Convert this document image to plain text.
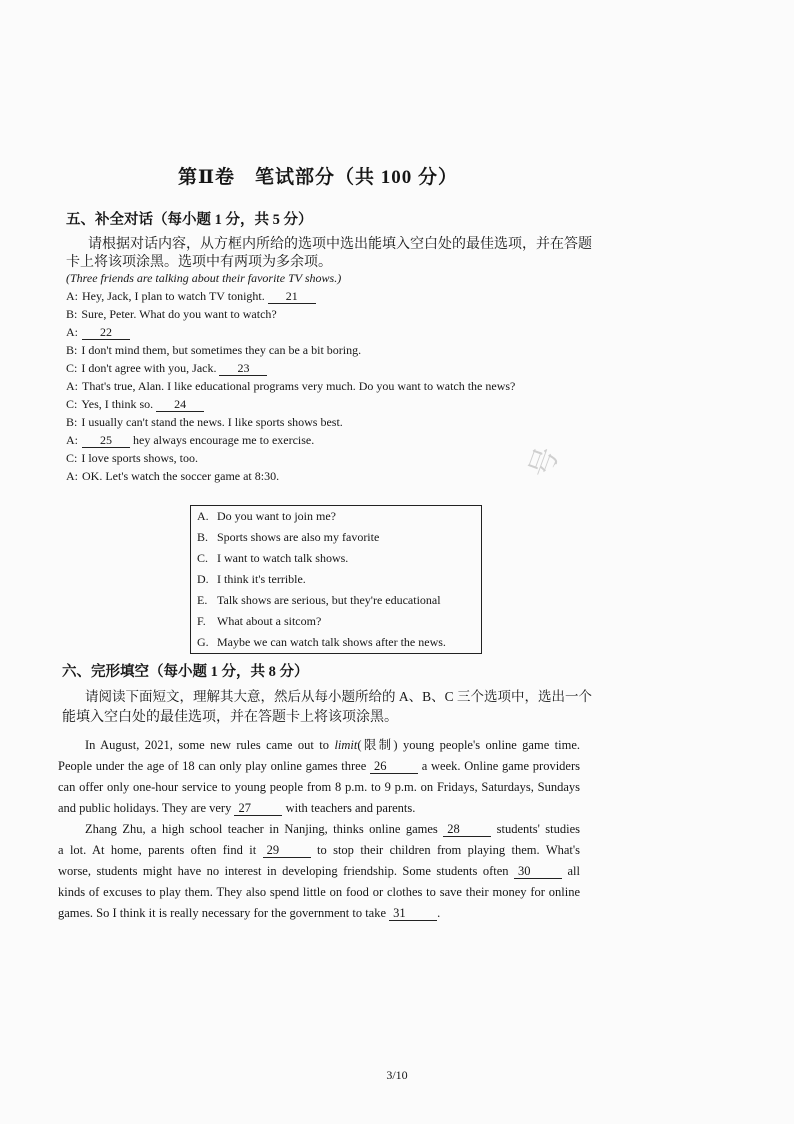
第Ⅱ卷　笔试部分（共 100 分）
号
五、补全对话（每小题 1 分，共 5 分）
请根据对话内容，从方框内所给的选项中选出能填入空白处的最佳选项，并在答题
卡上将该项涂黑。选项中有两项为多余项。
(Three friends are talking about their favorite TV shows.)
A: Hey, Jack, I plan to watch TV tonight. 21
B: Sure, Peter. What do you want to watch?
A: 22
B: I don't mind them, but sometimes they can be a bit boring.
C: I don't agree with you, Jack. 23
A: That's true, Alan. I like educational programs very much. Do you want to watch the news?
C: Yes, I think so. 24
B: I usually can't stand the news. I like sports shows best.
A: 25 hey always encourage me to exercise.
C: I love sports shows, too.
A: OK. Let's watch the soccer game at 8:30.
A. Do you want to join me?
B. Sports shows are also my favorite
C. I want to watch talk shows.
D. I think it's terrible.
E. Talk shows are serious, but they're educational
F. What about a sitcom?
G. Maybe we can watch talk shows after the news.
六、完形填空（每小题 1 分，共 8 分）
请阅读下面短文，理解其大意，然后从每小题所给的 A、B、C 三个选项中，选出一个
能填入空白处的最佳选项，并在答题卡上将该项涂黑。
In August, 2021, some new rules came out to limit(限制) young people's online game time.
People under the age of 18 can only play online games three 26	a week. Online game providers
can offer only one-hour service to young people from 8 p.m. to 9 p.m. on Fridays, Saturdays, Sundays
and public holidays. They are very 27	with teachers and parents.
Zhang Zhu, a high school teacher in Nanjing, thinks online games 28	students' studies
a lot. At home, parents often find it 29	to stop their children from playing them. What's
worse, students might have no interest in developing friendship. Some students often 30	all
kinds of excuses to play them. They also spend little on food or clothes to save their money for online
games. So I think it is really necessary for the government to take 31	.
3/10
